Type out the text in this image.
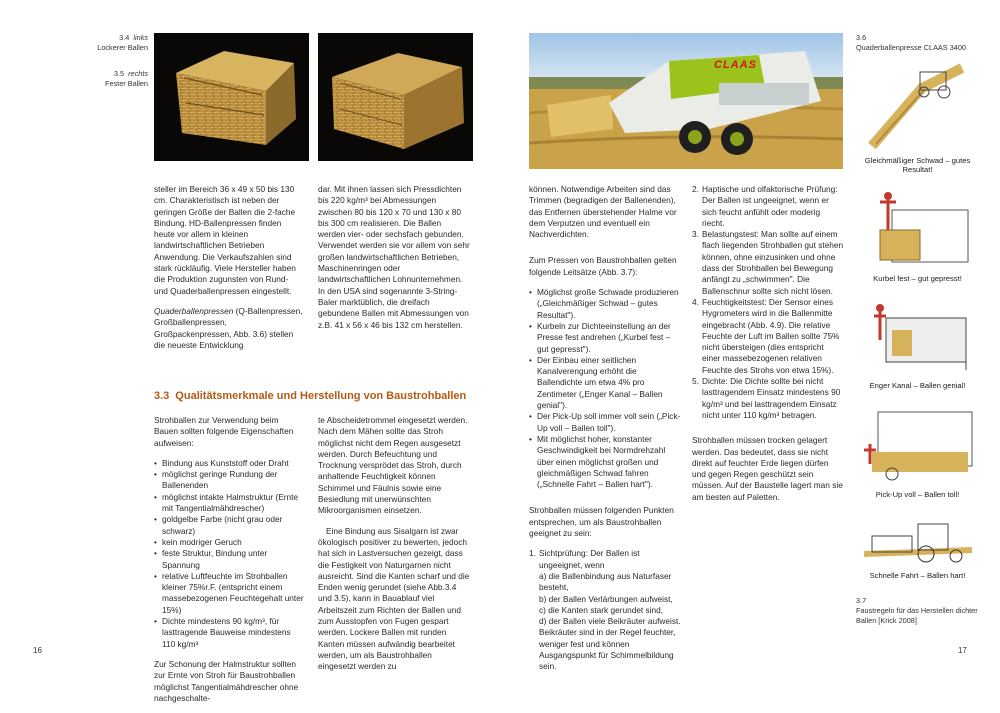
3.4 links
Lockerer Ballen
3.5 rechts
Fester Ballen

steller im Bereich 36 x 49 x 50 bis 130 cm. Charakteristisch ist neben der geringen Größe der Ballen die 2-fache Bindung. HD-Ballenpressen finden heute vor allem in kleinen landwirtschaftlichen Betrieben Anwendung. Die Verkaufszahlen sind stark rückläufig. Viele Hersteller haben die Produktion zugunsten von Rund- und Quaderballenpressen eingestellt.

Quaderballenpressen (Q-Ballenpressen, Großballenpressen, Großpackenpressen, Abb. 3.6) stellen die neueste Entwicklung

dar. Mit ihnen lassen sich Pressdichten bis 220 kg/m³ bei Abmessungen zwischen 80 bis 120 x 70 und 130 x 80 bis 300 cm realisieren. Die Ballen werden vier- oder sechsfach gebunden. Verwendet werden sie vor allem von sehr großen landwirtschaftlichen Betrieben, Maschinenringen oder landwirtschaftlichen Lohnunternehmen. In den USA sind sogenannte 3-String-Baler marktüblich, die dreifach gebundene Ballen mit Abmessungen von z.B. 41 x 56 x 46 bis 132 cm herstellen.

3.3 Qualitätsmerkmale und Herstellung von Baustrohballen

Strohballen zur Verwendung beim Bauen sollten folgende Eigenschaften aufweisen:

• Bindung aus Kunststoff oder Draht
• möglichst geringe Rundung der Ballenenden
• möglichst intakte Halmstruktur (Ernte mit Tangentialmähdrescher)
• goldgelbe Farbe (nicht grau oder schwarz)
• kein modriger Geruch
• feste Struktur, Bindung unter Spannung
• relative Luftfeuchte im Strohballen kleiner 75%r.F. (entspricht einem massebezogenen Feuchtegehalt unter 15%)
• Dichte mindestens 90 kg/m³, für lasttragende Bauweise mindestens 110 kg/m³

Zur Schonung der Halmstruktur sollten zur Ernte von Stroh für Baustrohballen möglichst Tangentialmähdrescher ohne nachgeschalte-

te Abscheidetrommel eingesetzt werden. Nach dem Mähen sollte das Stroh möglichst nicht dem Regen ausgesetzt werden. Durch Befeuchtung und Trocknung versprödet das Stroh, durch anhaltende Feuchtigkeit können Schimmel und Fäulnis sowie eine Besiedlung mit unerwünschten Mikroorganismen einsetzen.

Eine Bindung aus Sisalgarn ist zwar ökologisch positiver zu bewerten, jedoch hat sich in Lastversuchen gezeigt, dass die Festigkeit von Naturgarnen nicht ausreicht. Sind die Kanten scharf und die Enden wenig gerundet (siehe Abb.3.4 und 3.5), kann in Bauablauf viel Arbeitszeit zum Richten der Ballen und zum Ausstopfen von Fugen gespart werden. Lockere Ballen mit runden Kanten müssen aufwändig bearbeitet werden, um als Baustrohballen eingesetzt werden zu

16
CLAAS

können. Notwendige Arbeiten sind das Trimmen (begradigen der Ballenenden), das Entfernen überstehender Halme vor dem Verputzen und eventuell ein Nachverdichten.

Zum Pressen von Baustrohballen gelten folgende Leitsätze (Abb. 3.7):

• Möglichst große Schwade produzieren („Gleichmäßiger Schwad – gutes Resultat").
• Kurbeln zur Dichteeinstellung an der Presse fest andrehen („Kurbel fest – gut gepresst").
• Der Einbau einer seitlichen Kanalverengung erhöht die Ballendichte um etwa 4% pro Zentimeter („Enger Kanal – Ballen genial").
• Der Pick-Up soll immer voll sein („Pick-Up voll – Ballen toll").
• Mit möglichst hoher, konstanter Geschwindigkeit bei Normdrehzahl über einen möglichst großen und gleichmäßigen Schwad fahren („Schnelle Fahrt – Ballen hart").

Strohballen müssen folgenden Punkten entsprechen, um als Baustrohballen geeignet zu sein:

1. Sichtprüfung: Der Ballen ist ungeeignet, wenn
a) die Ballenbindung aus Naturfaser besteht,
b) der Ballen Verlärbungen aufweist,
c) die Kanten stark gerundet sind,
d) der Ballen viele Beikräuter aufweist. Beikräuter sind in der Regel feuchter, weniger fest und können Ausgangspunkt für Schimmelbildung sein.
2. Haptische und olfaktorische Prüfung: Der Ballen ist ungeeignet, wenn er sich feucht anfühlt oder moderig riecht.
3. Belastungstest: Man sollte auf einem flach liegenden Strohballen gut stehen können, ohne einzusinken und ohne dass der Strohballen bei Bewegung anfängt zu „schwimmen". Die Ballenschnur sollte sich nicht lösen.
4. Feuchtigkeitstest: Der Sensor eines Hygrometers wird in die Ballenmitte eingebracht (Abb. 4.9). Die relative Feuchte der Luft im Ballen sollte 75% nicht übersteigen (dies entspricht einer massebezogenen relativen Feuchte des Strohs von etwa 15%).
5. Dichte: Die Dichte sollte bei nicht lasttragendem Einsatz mindestens 90 kg/m³ und bei lasttragendem Einsatz nicht unter 110 kg/m³ betragen.

Strohballen müssen trocken gelagert werden. Das bedeutet, dass sie nicht direkt auf feuchter Erde liegen dürfen und gegen Regen geschützt sein müssen. Auf der Baustelle lagert man sie am besten auf Paletten.

3.6
Quaderballenpresse CLAAS 3400
Gleichmäßiger Schwad – gutes Resultat!
Kurbel fest – gut gepresst!
Enger Kanal – Ballen genial!
Pick-Up voll – Ballen toll!
Schnelle Fahrt – Ballen hart!
3.7
Faustregeln für das Herstellen dichter
Ballen [Krick 2008]
17
